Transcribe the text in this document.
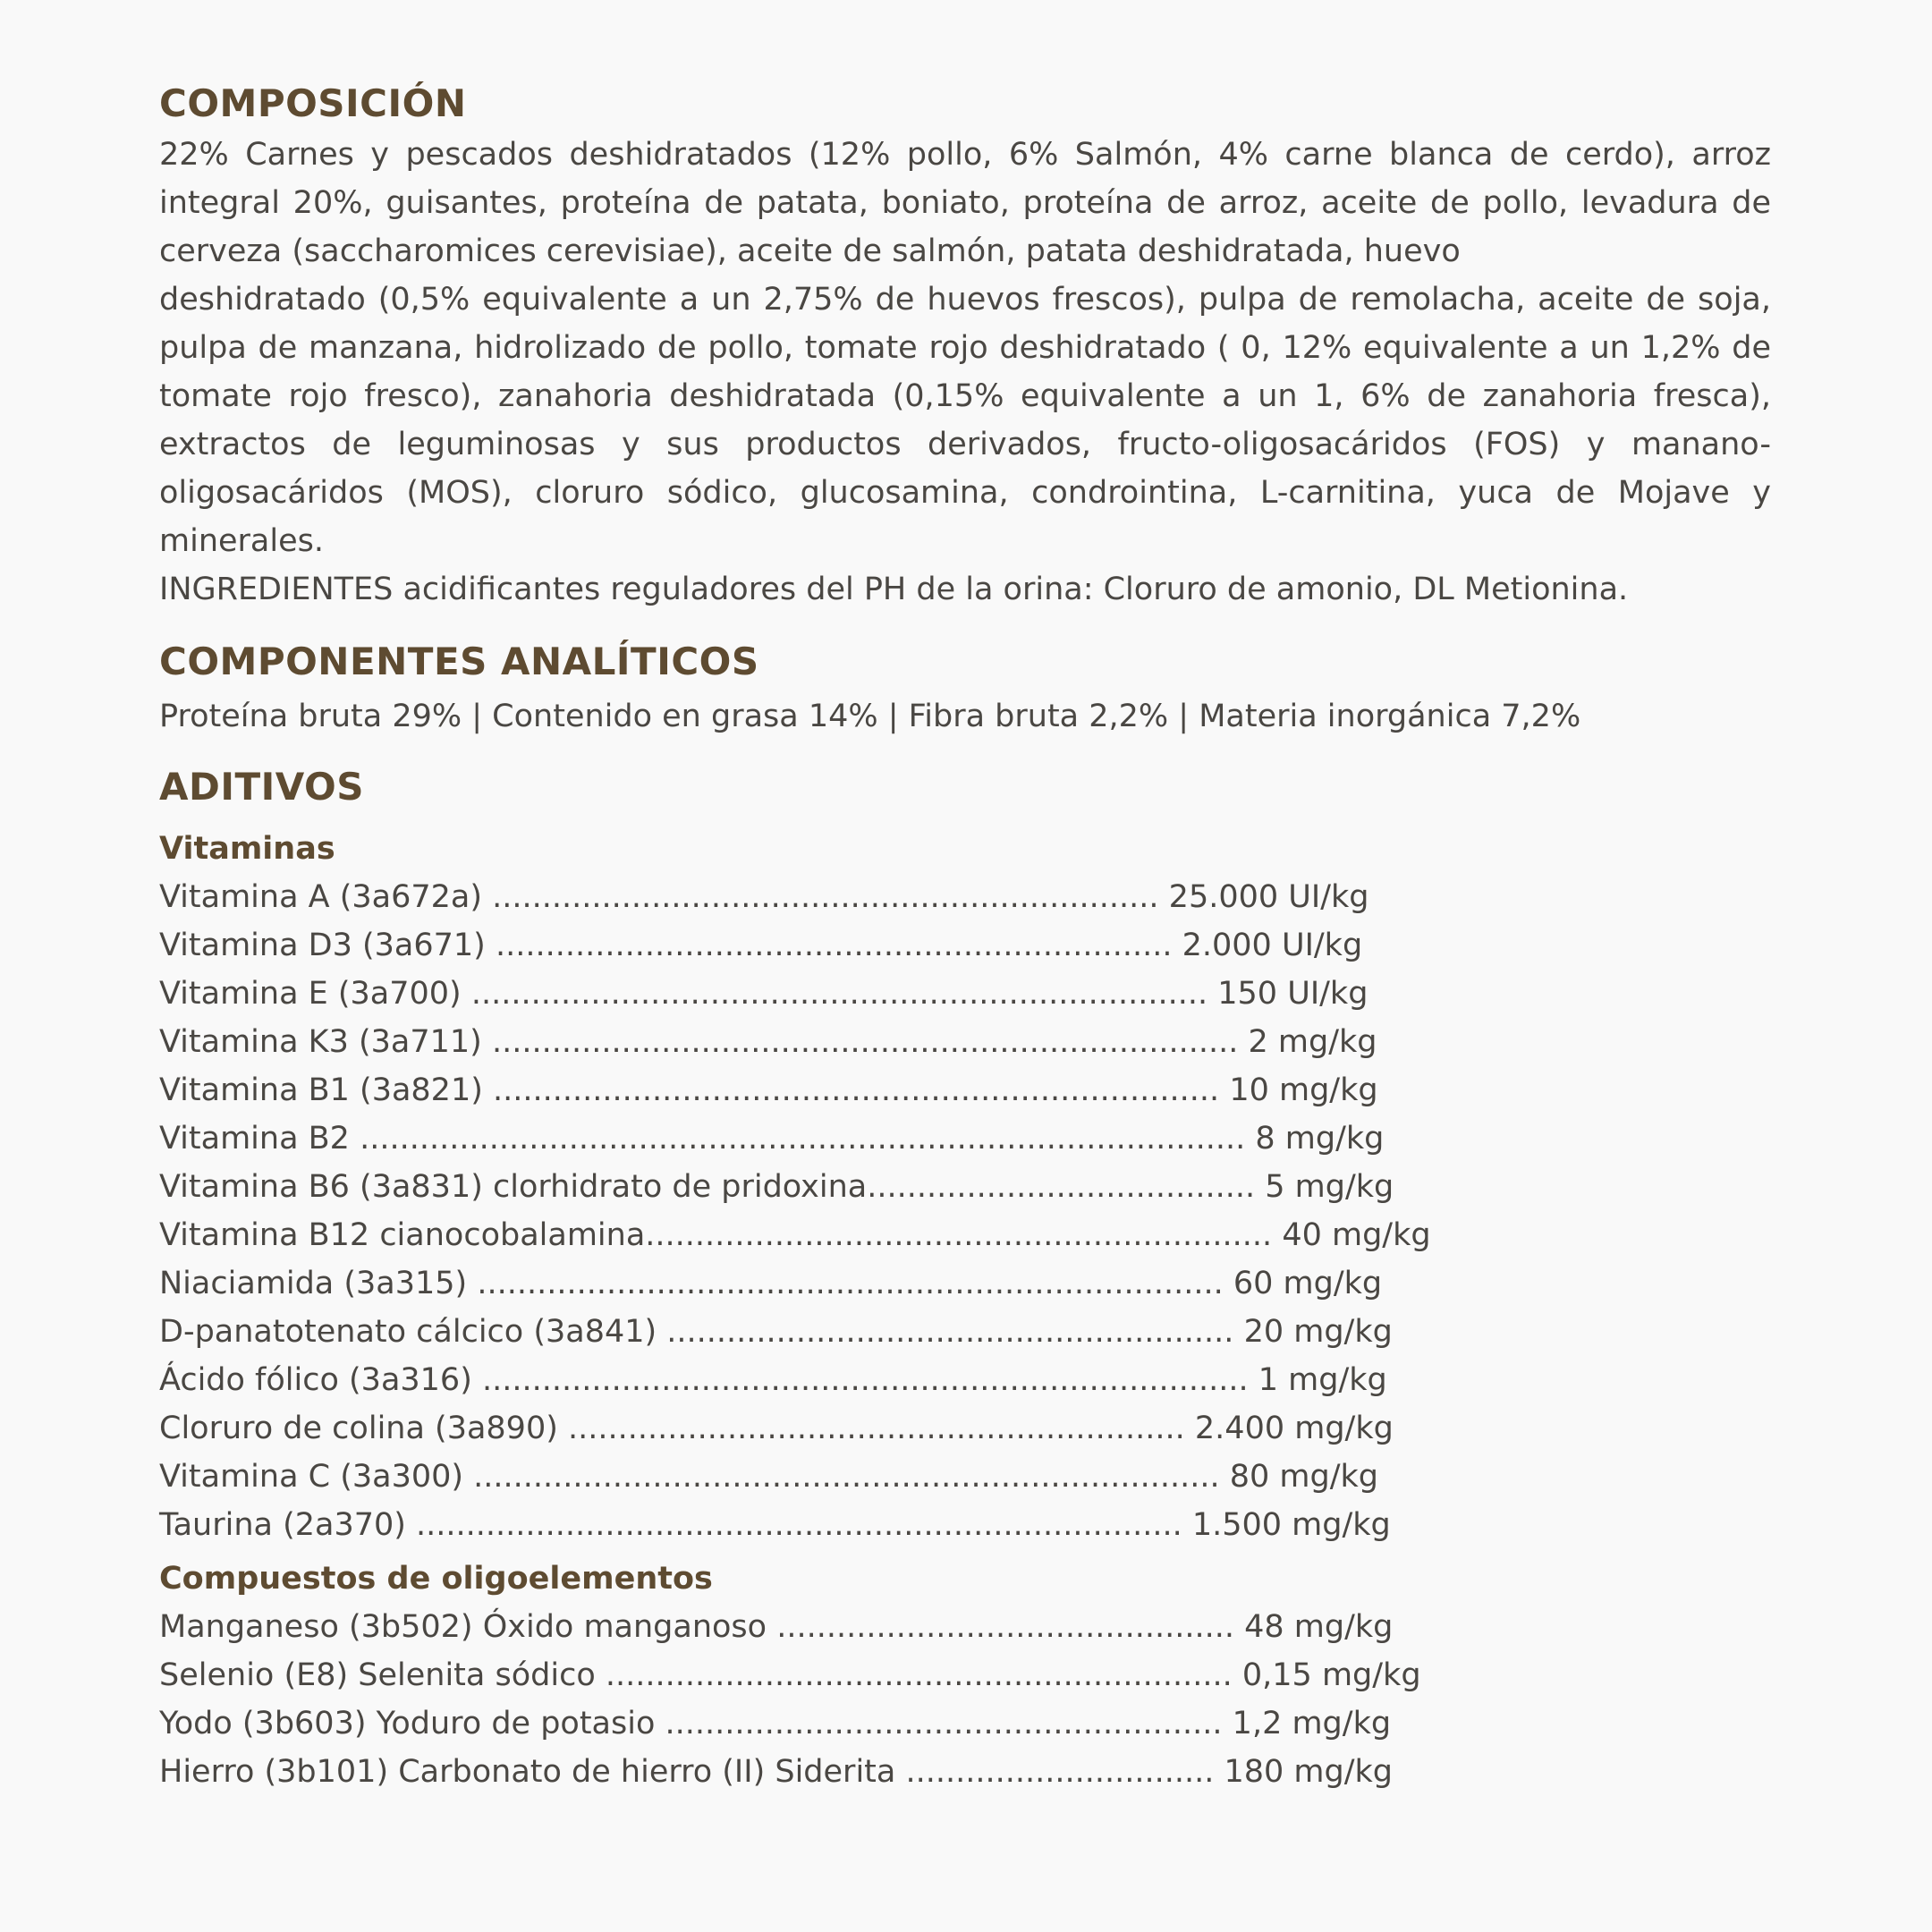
COMPOSICIÓN

22% Carnes y pescados deshidratados (12% pollo, 6% Salmón, 4% carne blanca de cerdo), arroz

integral 20%, guisantes, proteína de patata, boniato, proteína de arroz, aceite de pollo, levadura de

cerveza (saccharomices cerevisiae), aceite de salmón, patata deshidratada, huevo

deshidratado (0,5% equivalente a un 2,75% de huevos frescos), pulpa de remolacha, aceite de soja,

pulpa de manzana, hidrolizado de pollo, tomate rojo deshidratado ( 0, 12% equivalente a un 1,2% de

tomate rojo fresco), zanahoria deshidratada (0,15% equivalente a un 1, 6% de zanahoria fresca),

extractos de leguminosas y sus productos derivados, fructo-oligosacáridos (FOS) y manano-

oligosacáridos (MOS), cloruro sódico, glucosamina, condrointina, L-carnitina, yuca de Mojave y

minerales.

INGREDIENTES acidificantes reguladores del PH de la orina: Cloruro de amonio, DL Metionina.

COMPONENTES ANALÍTICOS

Proteína bruta 29% | Contenido en grasa 14% | Fibra bruta 2,2% | Materia inorgánica 7,2%

ADITIVOS
Vitaminas
Vitamina A (3a672a) ................................................................... 25.000 UI/kg
Vitamina D3 (3a671) .................................................................... 2.000 UI/kg
Vitamina E (3a700) .......................................................................... 150 UI/kg
Vitamina K3 (3a711) ........................................................................... 2 mg/kg
Vitamina B1 (3a821) ......................................................................... 10 mg/kg
Vitamina B2 ......................................................................................... 8 mg/kg
Vitamina B6 (3a831) clorhidrato de pridoxina....................................... 5 mg/kg
Vitamina B12 cianocobalamina............................................................... 40 mg/kg
Niaciamida (3a315) ........................................................................... 60 mg/kg
D-panatotenato cálcico (3a841) ......................................................... 20 mg/kg
Ácido fólico (3a316) ............................................................................. 1 mg/kg
Cloruro de colina (3a890) .............................................................. 2.400 mg/kg
Vitamina C (3a300) ........................................................................... 80 mg/kg
Taurina (2a370) ............................................................................. 1.500 mg/kg
Compuestos de oligoelementos
Manganeso (3b502) Óxido manganoso .............................................. 48 mg/kg
Selenio (E8) Selenita sódico ............................................................... 0,15 mg/kg
Yodo (3b603) Yoduro de potasio ........................................................ 1,2 mg/kg
Hierro (3b101) Carbonato de hierro (II) Siderita ............................... 180 mg/kg
